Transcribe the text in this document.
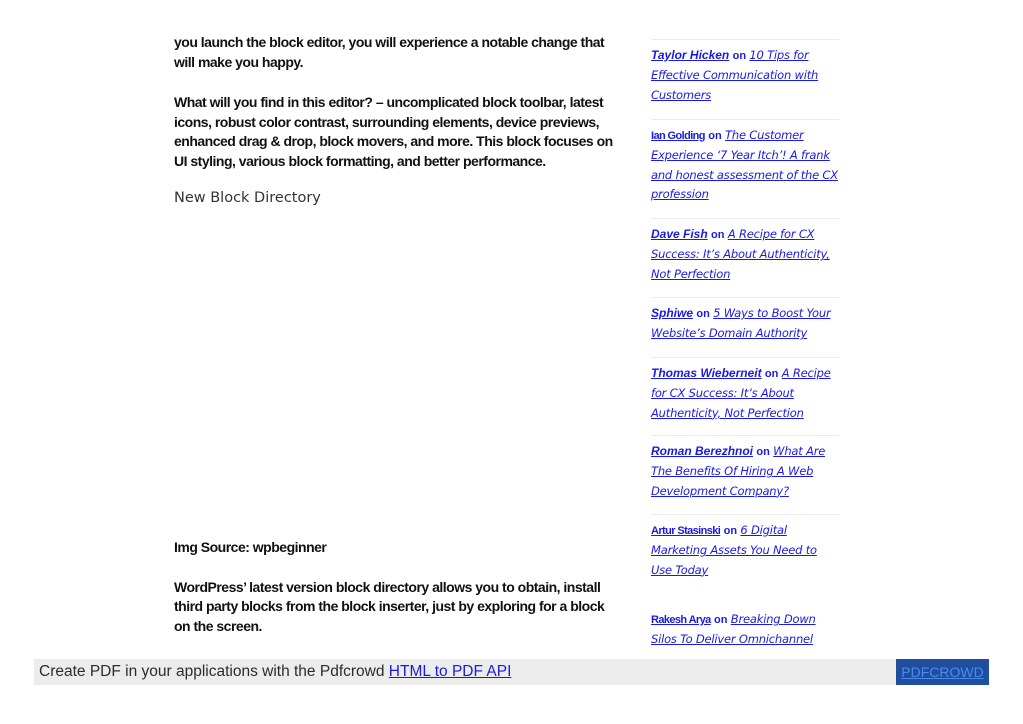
you launch the block editor, you will experience a notable change that will make you happy.

What will you find in this editor? – uncomplicated block toolbar, latest icons, robust color contrast, surrounding elements, device previews, enhanced drag & drop, block movers, and more. This block focuses on UI styling, various block formatting, and better performance.

New Block Directory

Img Source: wpbeginner

WordPress’ latest version block directory allows you to obtain, install third party blocks from the block inserter, just by exploring for a block on the screen.

Taylor Hicken on 10 Tips for Effective Communication with Customers
Ian Golding on The Customer Experience ‘7 Year Itch’! A frank and honest assessment of the CX profession
Dave Fish on A Recipe for CX Success: It’s About Authenticity, Not Perfection
Sphiwe on 5 Ways to Boost Your Website’s Domain Authority
Thomas Wieberneit on A Recipe for CX Success: It’s About Authenticity, Not Perfection
Roman Berezhnoi on What Are The Benefits Of Hiring A Web Development Company?
Artur Stasinski on 6 Digital Marketing Assets You Need to Use Today
Rakesh Arya on Breaking Down Silos To Deliver Omnichannel
Create PDF in your applications with the Pdfcrowd HTML to PDF API	PDFCROWD
